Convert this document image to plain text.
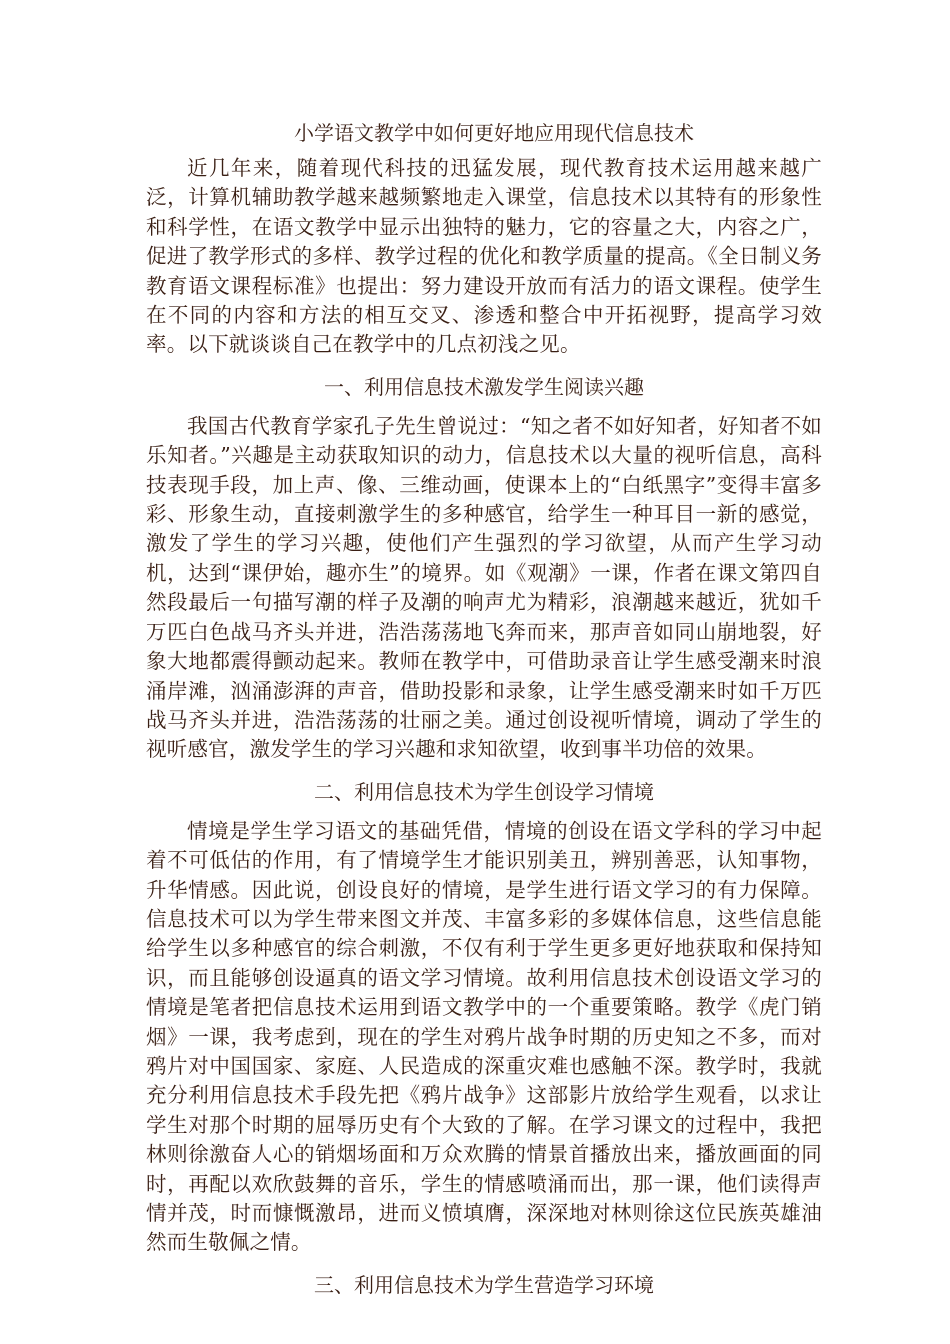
小学语文教学中如何更好地应用现代信息技术

近几年来，随着现代科技的迅猛发展，现代教育技术运用越来越广泛，计算机辅助教学越来越频繁地走入课堂，信息技术以其特有的形象性和科学性，在语文教学中显示出独特的魅力，它的容量之大，内容之广，促进了教学形式的多样、教学过程的优化和教学质量的提高。《全日制义务教育语文课程标准》也提出：努力建设开放而有活力的语文课程。使学生在不同的内容和方法的相互交叉、渗透和整合中开拓视野，提高学习效率。以下就谈谈自己在教学中的几点初浅之见。

一、利用信息技术激发学生阅读兴趣

我国古代教育学家孔子先生曾说过：“知之者不如好知者，好知者不如乐知者。”兴趣是主动获取知识的动力，信息技术以大量的视听信息，高科技表现手段，加上声、像、三维动画，使课本上的“白纸黑字”变得丰富多彩、形象生动，直接刺激学生的多种感官，给学生一种耳目一新的感觉，激发了学生的学习兴趣，使他们产生强烈的学习欲望，从而产生学习动机，达到“课伊始，趣亦生”的境界。如《观潮》一课，作者在课文第四自然段最后一句描写潮的样子及潮的响声尤为精彩，浪潮越来越近，犹如千万匹白色战马齐头并进，浩浩荡荡地飞奔而来，那声音如同山崩地裂，好象大地都震得颤动起来。教师在教学中，可借助录音让学生感受潮来时浪涌岸滩，汹涌澎湃的声音，借助投影和录象，让学生感受潮来时如千万匹战马齐头并进，浩浩荡荡的壮丽之美。通过创设视听情境，调动了学生的视听感官，激发学生的学习兴趣和求知欲望，收到事半功倍的效果。

二、利用信息技术为学生创设学习情境

情境是学生学习语文的基础凭借，情境的创设在语文学科的学习中起着不可低估的作用，有了情境学生才能识别美丑，辨别善恶，认知事物，升华情感。因此说，创设良好的情境，是学生进行语文学习的有力保障。信息技术可以为学生带来图文并茂、丰富多彩的多媒体信息，这些信息能给学生以多种感官的综合刺激，不仅有利于学生更多更好地获取和保持知识，而且能够创设逼真的语文学习情境。故利用信息技术创设语文学习的情境是笔者把信息技术运用到语文教学中的一个重要策略。教学《虎门销烟》一课，我考虑到，现在的学生对鸦片战争时期的历史知之不多，而对鸦片对中国国家、家庭、人民造成的深重灾难也感触不深。教学时，我就充分利用信息技术手段先把《鸦片战争》这部影片放给学生观看，以求让学生对那个时期的屈辱历史有个大致的了解。在学习课文的过程中，我把林则徐激奋人心的销烟场面和万众欢腾的情景首播放出来，播放画面的同时，再配以欢欣鼓舞的音乐，学生的情感喷涌而出，那一课，他们读得声情并茂，时而慷慨激昂，进而义愤填膺，深深地对林则徐这位民族英雄油然而生敬佩之情。

三、利用信息技术为学生营造学习环境
